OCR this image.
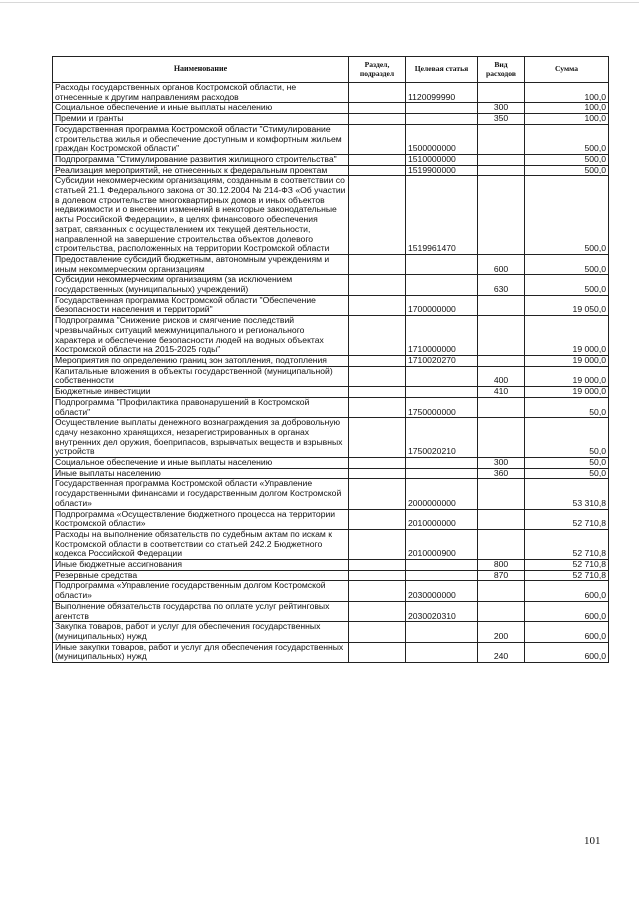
Наименование	Раздел, подраздел	Целевая статья	Вид расходов	Сумма
Расходы государственных органов Костромской области, не отнесенные к другим направлениям расходов		1120099990		100,0
Социальное обеспечение и иные выплаты населению			300	100,0
Премии и гранты			350	100,0
Государственная программа Костромской области "Стимулирование строительства жилья и обеспечение доступным и комфортным жильем граждан Костромской области"		1500000000		500,0
Подпрограмма "Стимулирование развития жилищного строительства"		1510000000		500,0
Реализация мероприятий, не отнесенных к федеральным проектам		1519900000		500,0
Субсидии некоммерческим организациям, созданным в соответствии со статьей 21.1 Федерального закона от 30.12.2004 № 214-ФЗ «Об участии в долевом строительстве многоквартирных домов и иных объектов недвижимости и о внесении изменений в некоторые законодательные акты Российской Федерации», в целях финансового обеспечения затрат, связанных с осуществлением их текущей деятельности, направленной на завершение строительства объектов долевого строительства, расположенных на территории Костромской области		1519961470		500,0
Предоставление субсидий бюджетным, автономным учреждениям и иным некоммерческим организациям			600	500,0
Субсидии некоммерческим организациям (за исключением государственных (муниципальных) учреждений)			630	500,0
Государственная программа Костромской области "Обеспечение безопасности населения и территорий"		1700000000		19 050,0
Подпрограмма "Снижение рисков и смягчение последствий чрезвычайных ситуаций межмуниципального и регионального характера и обеспечение безопасности людей на водных объектах Костромской области на 2015-2025 годы"		1710000000		19 000,0
Мероприятия по определению границ зон затопления, подтопления		1710020270		19 000,0
Капитальные вложения в объекты государственной (муниципальной) собственности			400	19 000,0
Бюджетные инвестиции			410	19 000,0
Подпрограмма "Профилактика правонарушений в Костромской области"		1750000000		50,0
Осуществление выплаты денежного вознаграждения за добровольную сдачу незаконно хранящихся, незарегистрированных в органах внутренних дел оружия, боеприпасов, взрывчатых веществ и взрывных устройств		1750020210		50,0
Социальное обеспечение и иные выплаты населению			300	50,0
Иные выплаты населению			360	50,0
Государственная программа Костромской области «Управление государственными финансами и государственным долгом Костромской области»		2000000000		53 310,8
Подпрограмма «Осуществление бюджетного процесса на территории Костромской области»		2010000000		52 710,8
Расходы на выполнение обязательств по судебным актам по искам к Костромской области в соответствии со статьей 242.2 Бюджетного кодекса Российской Федерации		2010000900		52 710,8
Иные бюджетные ассигнования			800	52 710,8
Резервные средства			870	52 710,8
Подпрограмма «Управление государственным долгом Костромской области»		2030000000		600,0
Выполнение обязательств государства по оплате услуг рейтинговых агентств		2030020310		600,0
Закупка товаров, работ и услуг для обеспечения государственных (муниципальных) нужд			200	600,0
Иные закупки товаров, работ и услуг для обеспечения государственных (муниципальных) нужд			240	600,0
101
